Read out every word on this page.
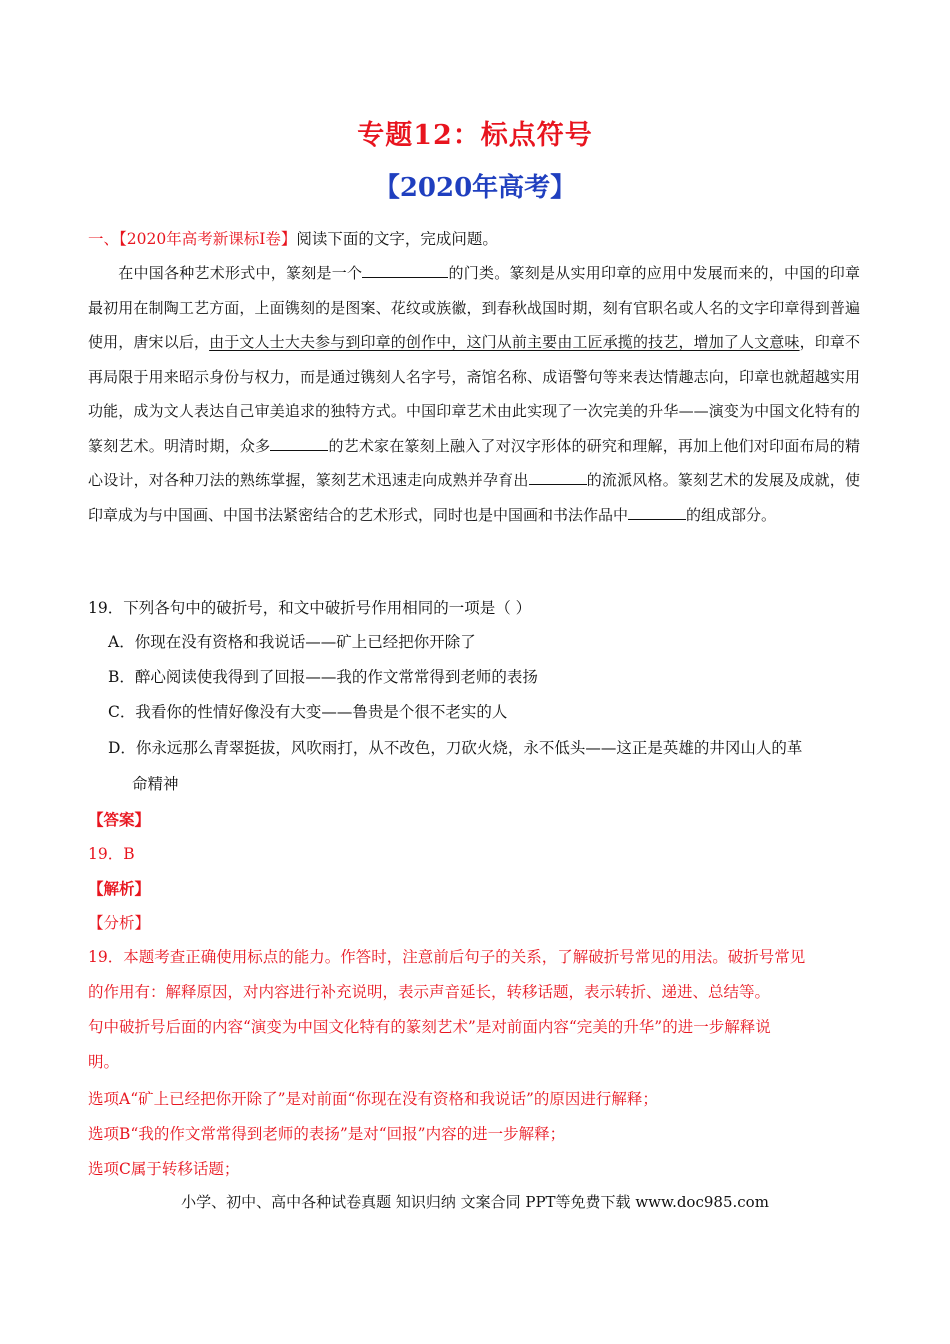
专题12：标点符号
【2020年高考】
一、【2020年高考新课标I卷】阅读下面的文字，完成问题。
在中国各种艺术形式中，篆刻是一个	的门类。篆刻是从实用印章的应用中发展而来的，中国的印章最初用在制陶工艺方面，上面镌刻的是图案、花纹或族徽，到春秋战国时期，刻有官职名或人名的文字印章得到普遍使用，唐宋以后，由于文人士大夫参与到印章的创作中，这门从前主要由工匠承揽的技艺，增加了人文意味，印章不再局限于用来昭示身份与权力，而是通过镌刻人名字号，斋馆名称、成语警句等来表达情趣志向，印章也就超越实用功能，成为文人表达自己审美追求的独特方式。中国印章艺术由此实现了一次完美的升华——演变为中国文化特有的篆刻艺术。明清时期，众多	的艺术家在篆刻上融入了对汉字形体的研究和理解，再加上他们对印面布局的精心设计，对各种刀法的熟练掌握，篆刻艺术迅速走向成熟并孕育出	的流派风格。篆刻艺术的发展及成就，使印章成为与中国画、中国书法紧密结合的艺术形式，同时也是中国画和书法作品中	的组成部分。
19．下列各句中的破折号，和文中破折号作用相同的一项是（ ）
A．你现在没有资格和我说话——矿上已经把你开除了
B．醉心阅读使我得到了回报——我的作文常常得到老师的表扬
C．我看你的性情好像没有大变——鲁贵是个很不老实的人
D．你永远那么青翠挺拔，风吹雨打，从不改色，刀砍火烧，永不低头——这正是英雄的井冈山人的革
命精神
【答案】
19．B
【解析】
【分析】
19．本题考查正确使用标点的能力。作答时，注意前后句子的关系，了解破折号常见的用法。破折号常见
的作用有：解释原因，对内容进行补充说明，表示声音延长，转移话题，表示转折、递进、总结等。
句中破折号后面的内容“演变为中国文化特有的篆刻艺术”是对前面内容“完美的升华”的进一步解释说
明。
选项A“矿上已经把你开除了”是对前面“你现在没有资格和我说话”的原因进行解释；
选项B“我的作文常常得到老师的表扬”是对“回报”内容的进一步解释；
选项C属于转移话题；
小学、初中、高中各种试卷真题 知识归纳 文案合同 PPT等免费下载 www.doc985.com
